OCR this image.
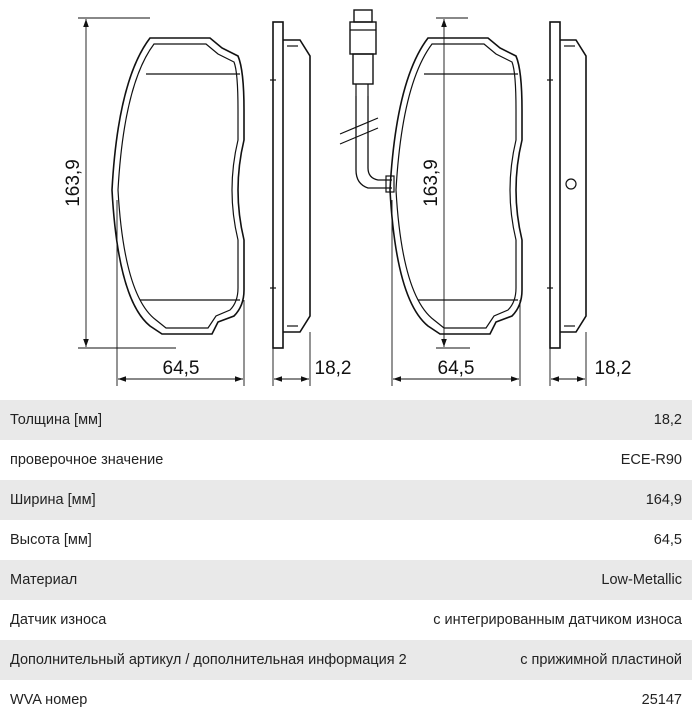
163,9
64,5	18,2
163,9
64,5	18,2
Толщина [мм]	18,2
проверочное значение	ECE-R90
Ширина [мм]	164,9
Высота [мм]	64,5
Материал	Low-Metallic
Датчик износа	с интегрированным датчиком износа
Дополнительный артикул / дополнительная информация 2	с прижимной пластиной
WVA номер	25147
